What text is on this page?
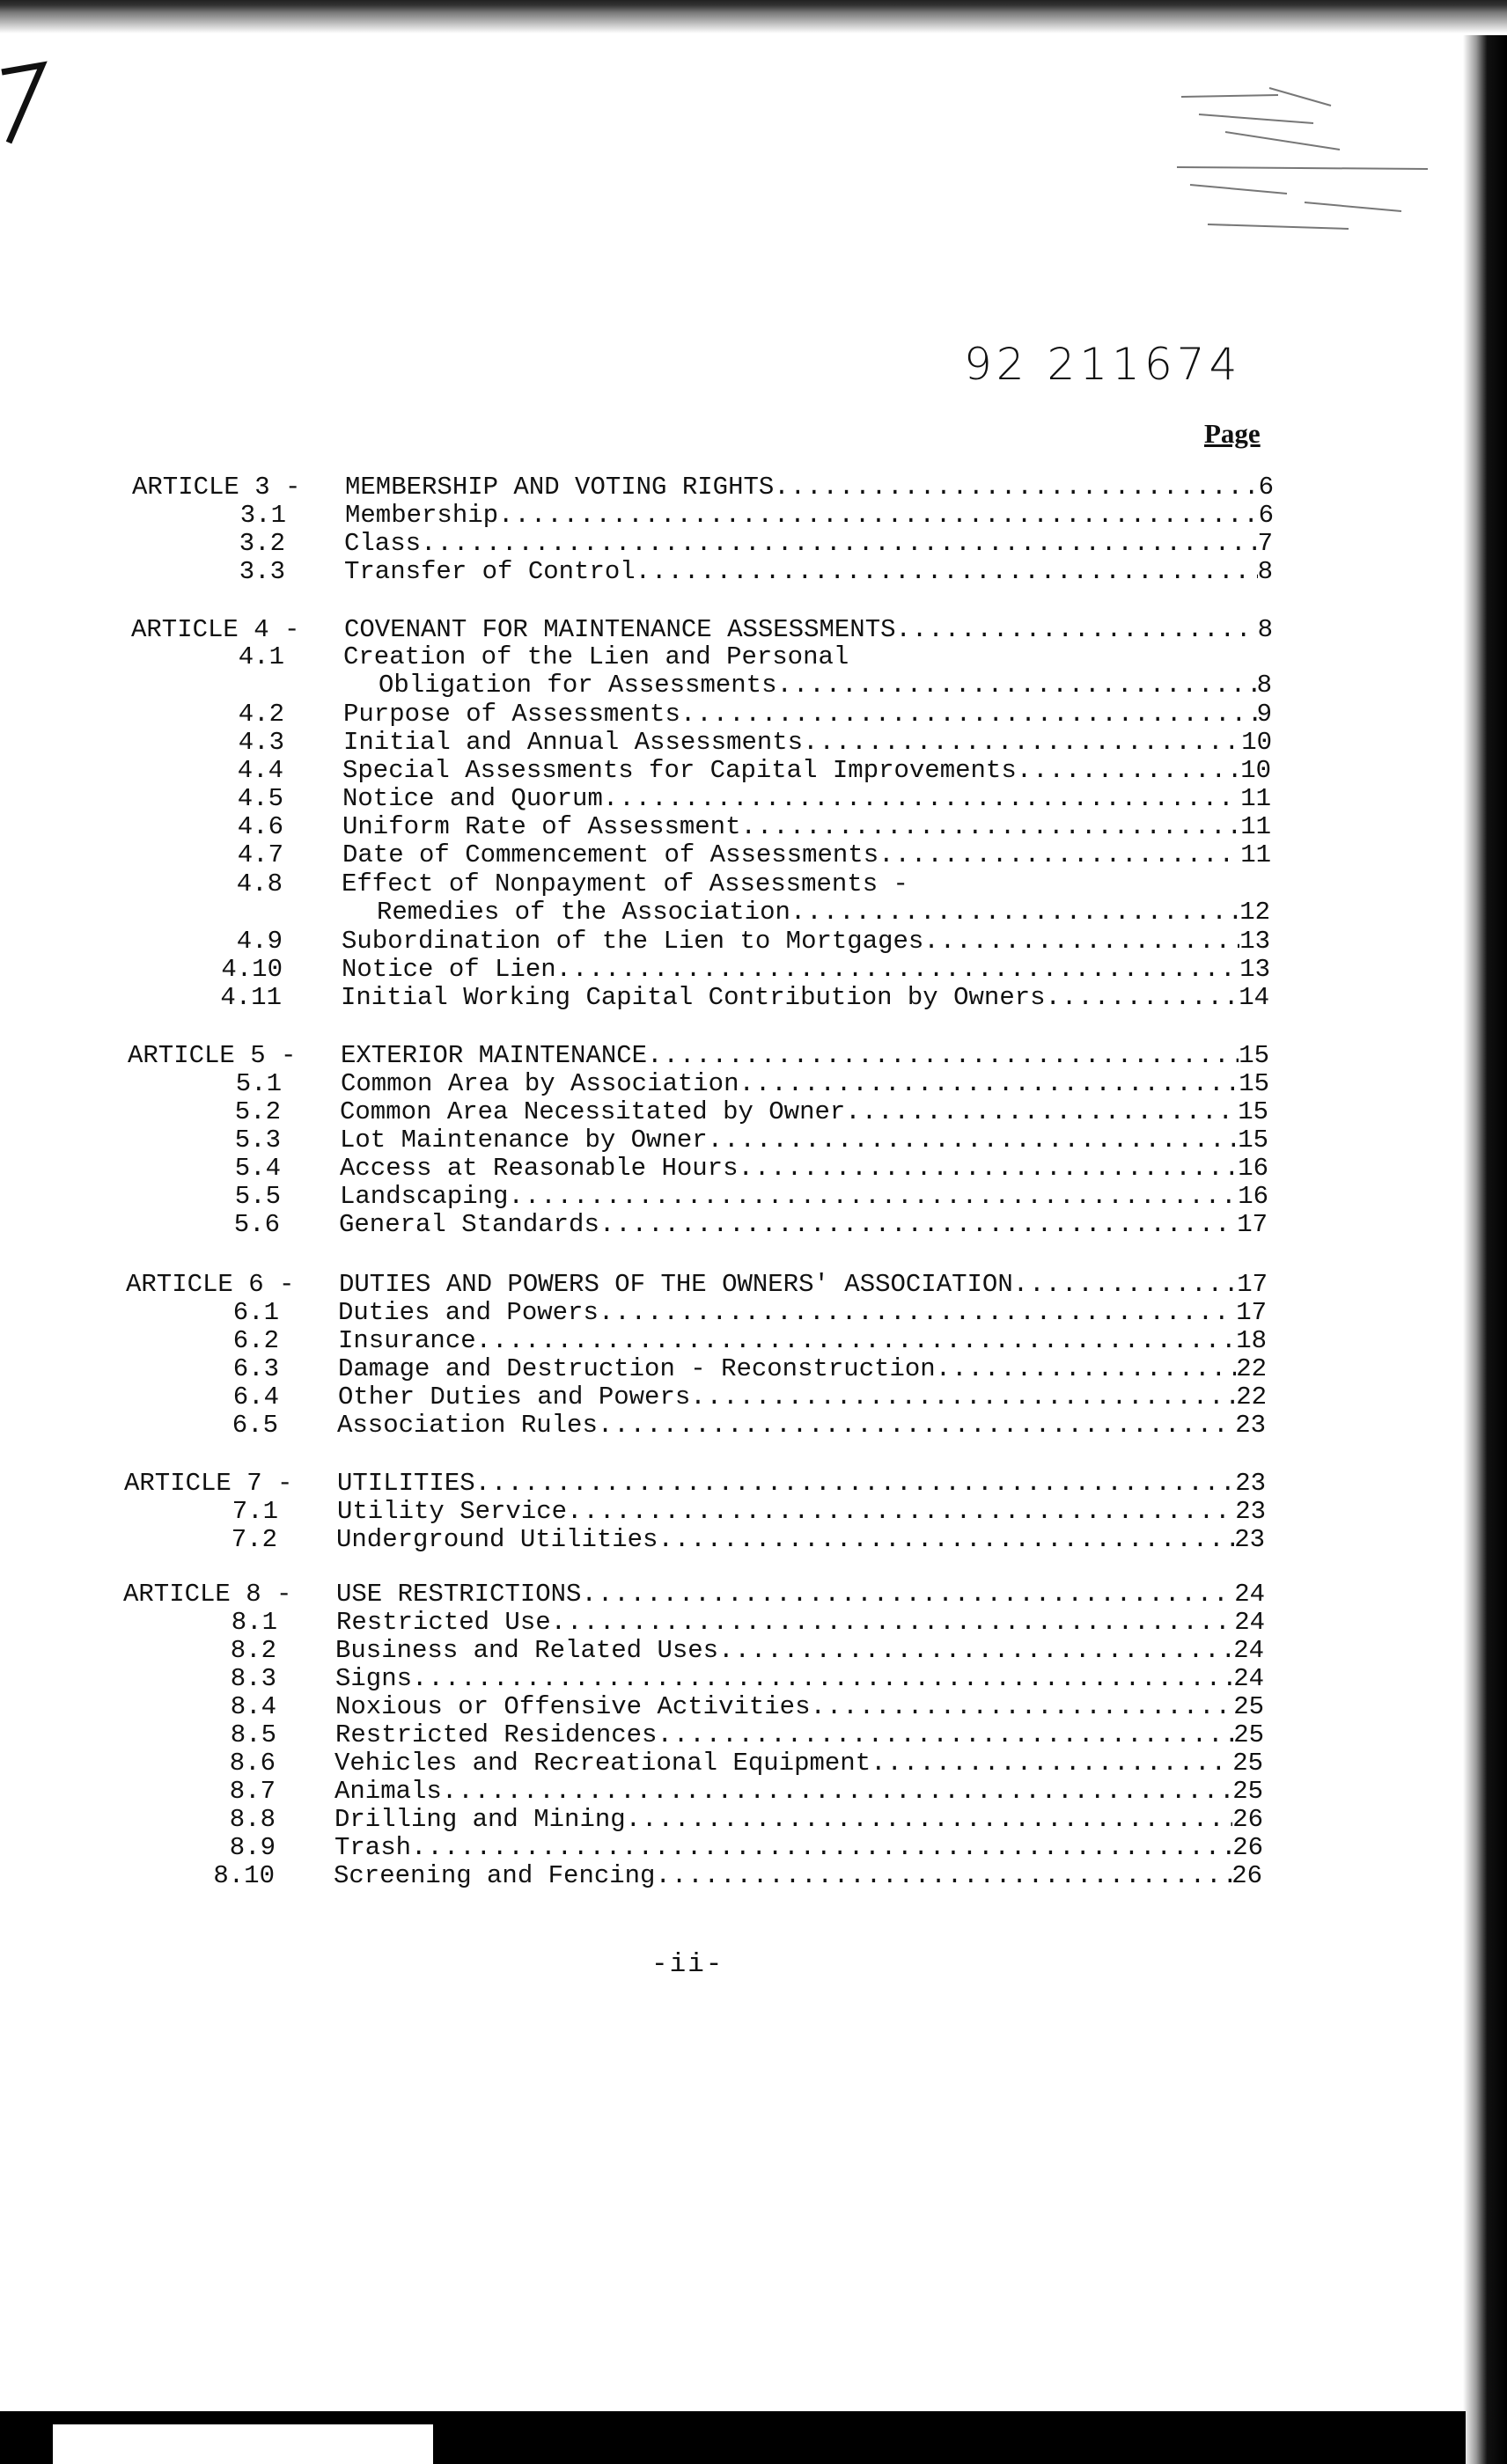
92 211674
Page
ARTICLE 3 -	MEMBERSHIP AND VOTING RIGHTS .....	6
3.1 Membership .....	6
3.2 Class .....	7
3.3 Transfer of Control .....	8
ARTICLE 4 -	COVENANT FOR MAINTENANCE ASSESSMENTS .....	8
4.1 Creation of the Lien and Personal
Obligation for Assessments .....	8
4.2 Purpose of Assessments .....	9
4.3 Initial and Annual Assessments .....	10
4.4 Special Assessments for Capital Improvements .....	10
4.5 Notice and Quorum .....	11
4.6 Uniform Rate of Assessment .....	11
4.7 Date of Commencement of Assessments .....	11
4.8 Effect of Nonpayment of Assessments -
Remedies of the Association .....	12
4.9 Subordination of the Lien to Mortgages .....	13
4.10 Notice of Lien .....	13
4.11 Initial Working Capital Contribution by Owners .....	14
ARTICLE 5 -	EXTERIOR MAINTENANCE .....	15
5.1 Common Area by Association .....	15
5.2 Common Area Necessitated by Owner .....	15
5.3 Lot Maintenance by Owner .....	15
5.4 Access at Reasonable Hours .....	16
5.5 Landscaping .....	16
5.6 General Standards .....	17
ARTICLE 6 -	DUTIES AND POWERS OF THE OWNERS' ASSOCIATION .....	17
6.1 Duties and Powers .....	17
6.2 Insurance .....	18
6.3 Damage and Destruction - Reconstruction .....	22
6.4 Other Duties and Powers .....	22
6.5 Association Rules .....	23
ARTICLE 7 -	UTILITIES .....	23
7.1 Utility Service .....	23
7.2 Underground Utilities .....	23
ARTICLE 8 -	USE RESTRICTIONS .....	24
8.1 Restricted Use .....	24
8.2 Business and Related Uses .....	24
8.3 Signs .....	24
8.4 Noxious or Offensive Activities .....	25
8.5 Restricted Residences .....	25
8.6 Vehicles and Recreational Equipment .....	25
8.7 Animals .....	25
8.8 Drilling and Mining .....	26
8.9 Trash .....	26
8.10 Screening and Fencing .....	26
-ii-
